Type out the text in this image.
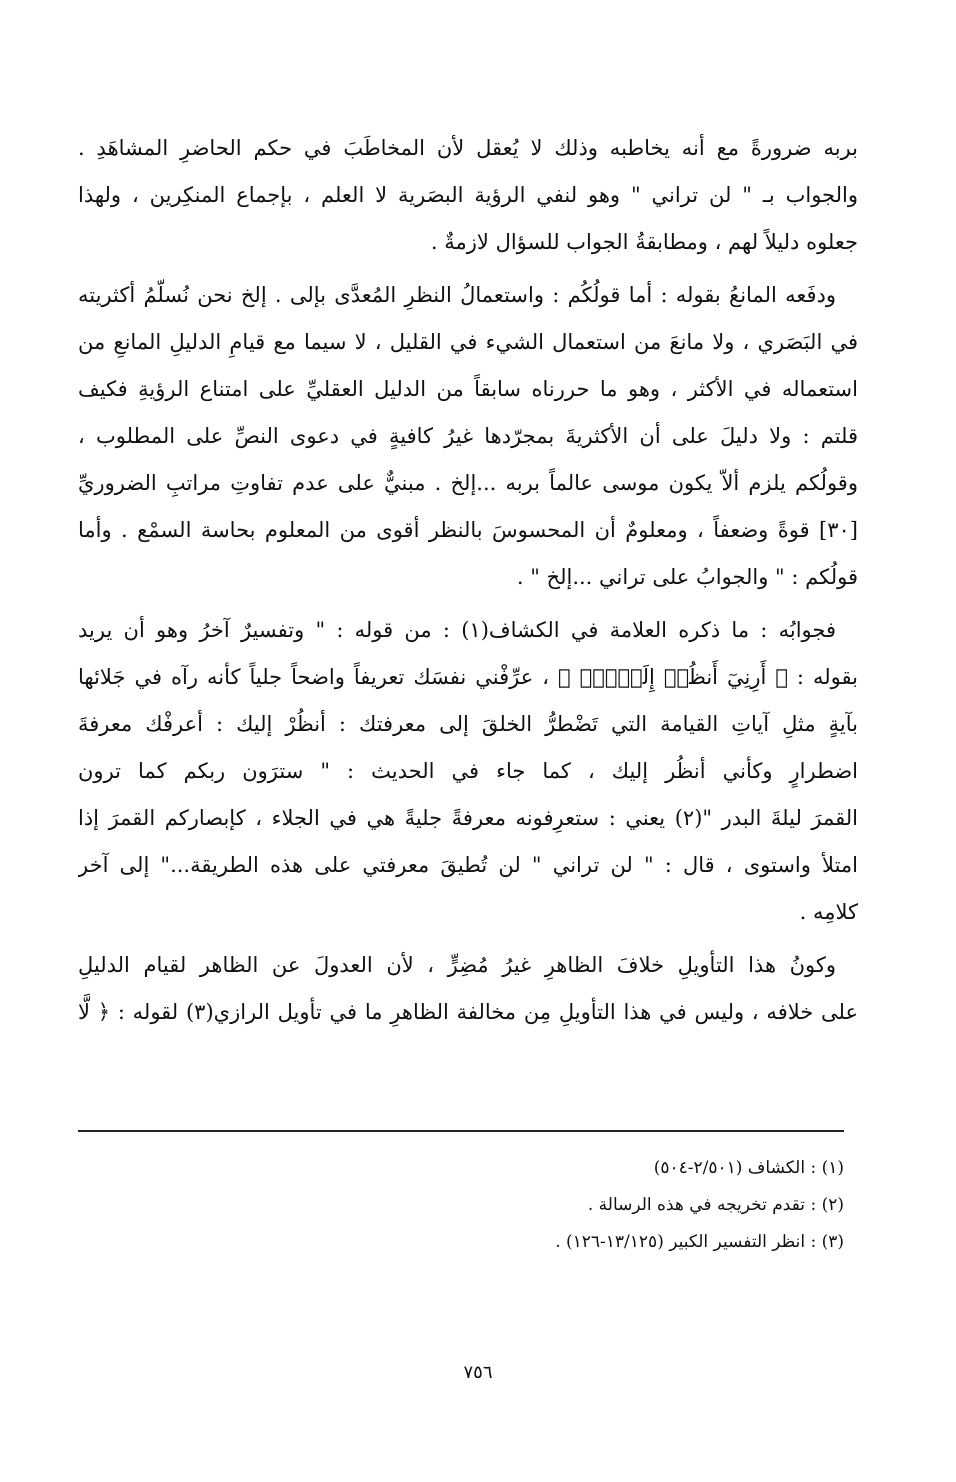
بربه ضرورةً مع أنه يخاطبه وذلك لا يُعقل لأن المخاطَبَ في حكم الحاضرِ المشاهَدِ .
والجواب بـ " لن تراني " وهو لنفي الرؤية البصَرية لا العلم ، بإجماع المنكِرين ، ولهذا
جعلوه دليلاً لهم ، ومطابقةُ الجواب للسؤال لازمةٌ .
ودفَعه المانعُ بقوله : أما قولُكُم : واستعمالُ النظرِ المُعدَّى بإلى . إلخ نحن نُسلّمُ أكثريته
في البَصَري ، ولا مانعَ من استعمال الشيء في القليل ، لا سيما مع قيامِ الدليلِ المانعِ من
استعماله في الأكثر ، وهو ما حررناه سابقاً من الدليل العقليِّ على امتناع الرؤيةِ فكيف
قلتم : ولا دليلَ على أن الأكثريةَ بمجرّدها غيرُ كافيةٍ في دعوى النصِّ على المطلوب ،
وقولُكم يلزم ألاّ يكون موسى عالماً بربه ...إلخ . مبنيٌّ على عدم تفاوتِ مراتبِ الضروريِّ
[٣٠] قوةً وضعفاً ، ومعلومٌ أن المحسوسَ بالنظر أقوى من المعلوم بحاسة السمْع . وأما
قولُكم : " والجوابُ على تراني ...إلخ " .
فجوابُه : ما ذكره العلامة في الكشاف(١) : من قوله : " وتفسيرٌ آخرُ وهو أن يريد
بقوله : ﴿ أَرِنِيٓ أَنظُرۡ إِلَيۡكَۚ ﴾ ، عرِّفْني نفسَك تعريفاً واضحاً جلياً كأنه رآه في جَلائها
بآيةٍ مثلِ آياتِ القيامة التي تَضْطرُّ الخلقَ إلى معرفتك : أنظُرْ إليك : أعرفْك معرفةَ
اضطرارٍ وكأني أنظُر إليك ، كما جاء في الحديث : " سترَون ربكم كما ترون
القمرَ ليلةَ البدر "(٢) يعني : ستعرِفونه معرفةً جليةً هي في الجلاء ، كإبصاركم القمرَ إذا
امتلأ واستوى ، قال : " لن تراني " لن تُطيقَ معرفتي على هذه الطريقة..." إلى آخر
كلامِه .
وكونُ هذا التأويلِ خلافَ الظاهرِ غيرُ مُضِرٍّ ، لأن العدولَ عن الظاهر لقيام الدليلِ
على خلافه ، وليس في هذا التأويلِ مِن مخالفة الظاهرِ ما في تأويل الرازي(٣) لقوله : ﴿ لَّا
(١) : الكشاف (٢/٥٠١-٥٠٤)
(٢) : تقدم تخريجه في هذه الرسالة .
(٣) : انظر التفسير الكبير (١٣/١٢٥-١٢٦) .
٧٥٦
